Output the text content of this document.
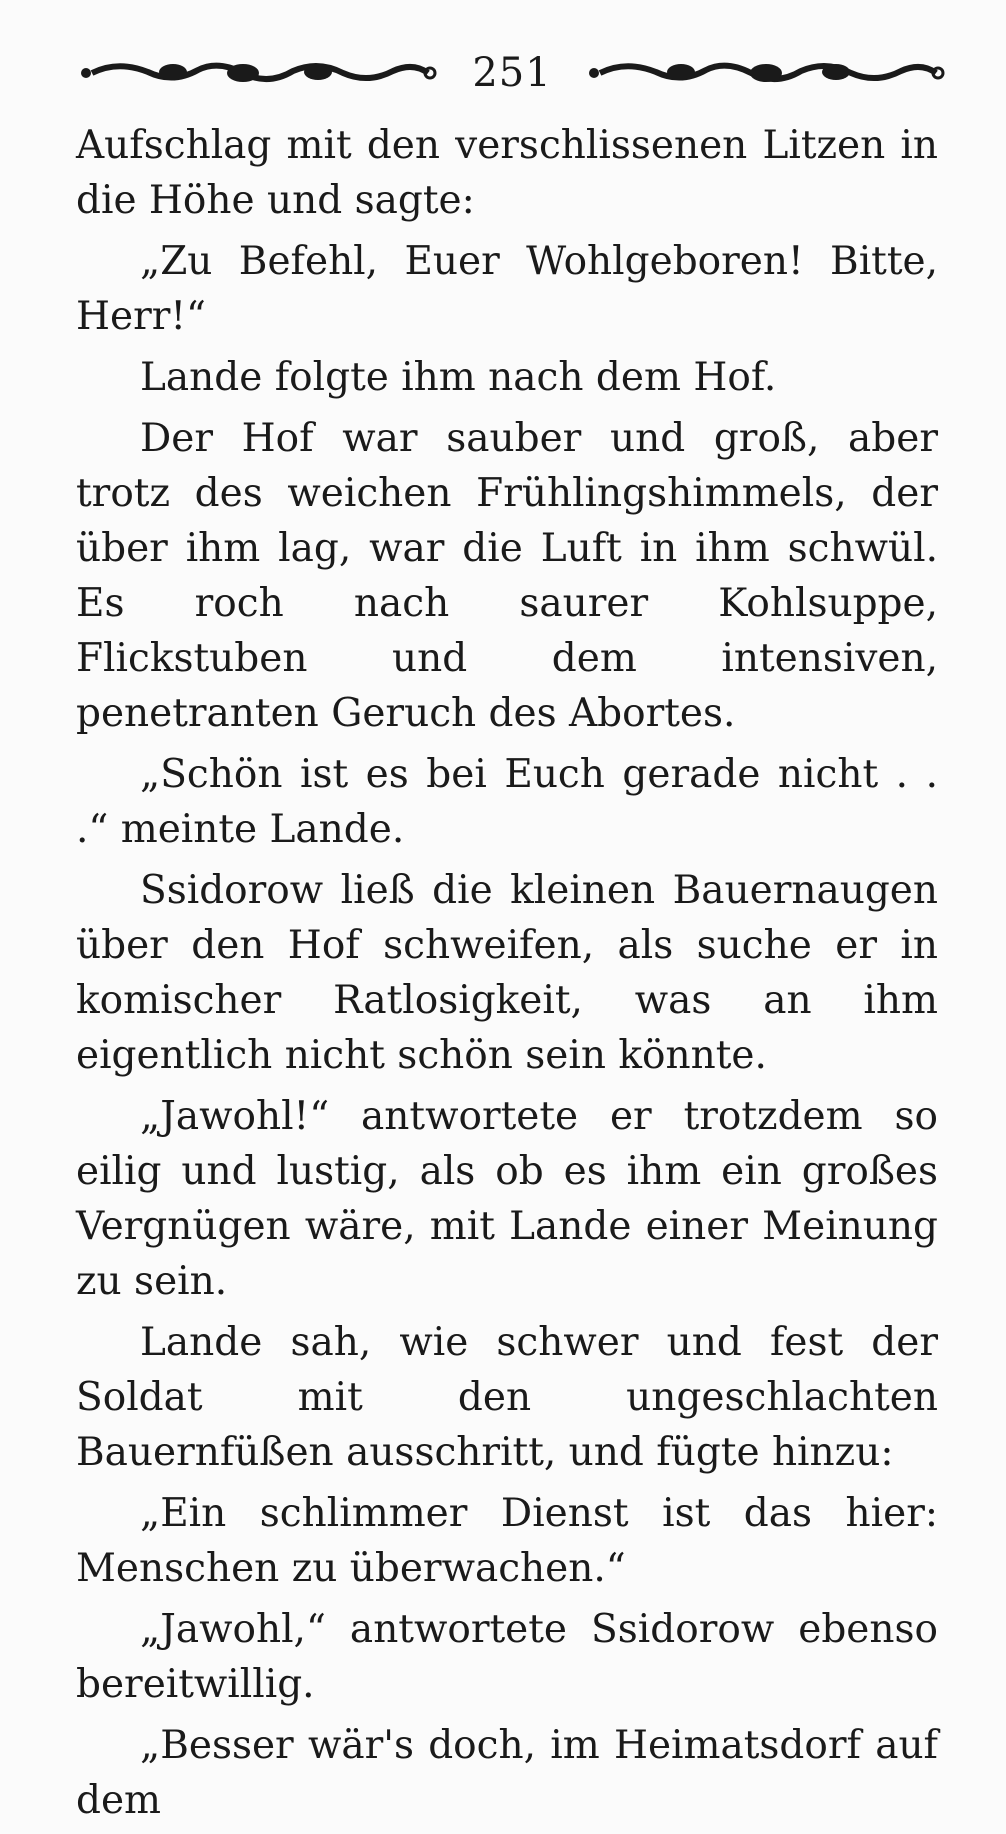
251

Aufschlag mit den verschlissenen Litzen in die Höhe und sagte:

„Zu Befehl, Euer Wohlgeboren! Bitte, Herr!“

Lande folgte ihm nach dem Hof.

Der Hof war sauber und groß, aber trotz des weichen Frühlingshimmels, der über ihm lag, war die Luft in ihm schwül. Es roch nach saurer Kohlsuppe, Flickstuben und dem intensiven, penetranten Geruch des Abortes.

„Schön ist es bei Euch gerade nicht . . .“ meinte Lande.

Ssidorow ließ die kleinen Bauernaugen über den Hof schweifen, als suche er in komischer Ratlosigkeit, was an ihm eigentlich nicht schön sein könnte.

„Jawohl!“ antwortete er trotzdem so eilig und lustig, als ob es ihm ein großes Vergnügen wäre, mit Lande einer Meinung zu sein.

Lande sah, wie schwer und fest der Soldat mit den ungeschlachten Bauernfüßen ausschritt, und fügte hinzu:

„Ein schlimmer Dienst ist das hier: Menschen zu überwachen.“

„Jawohl,“ antwortete Ssidorow ebenso bereitwillig.

„Besser wär's doch, im Heimatsdorf auf dem
